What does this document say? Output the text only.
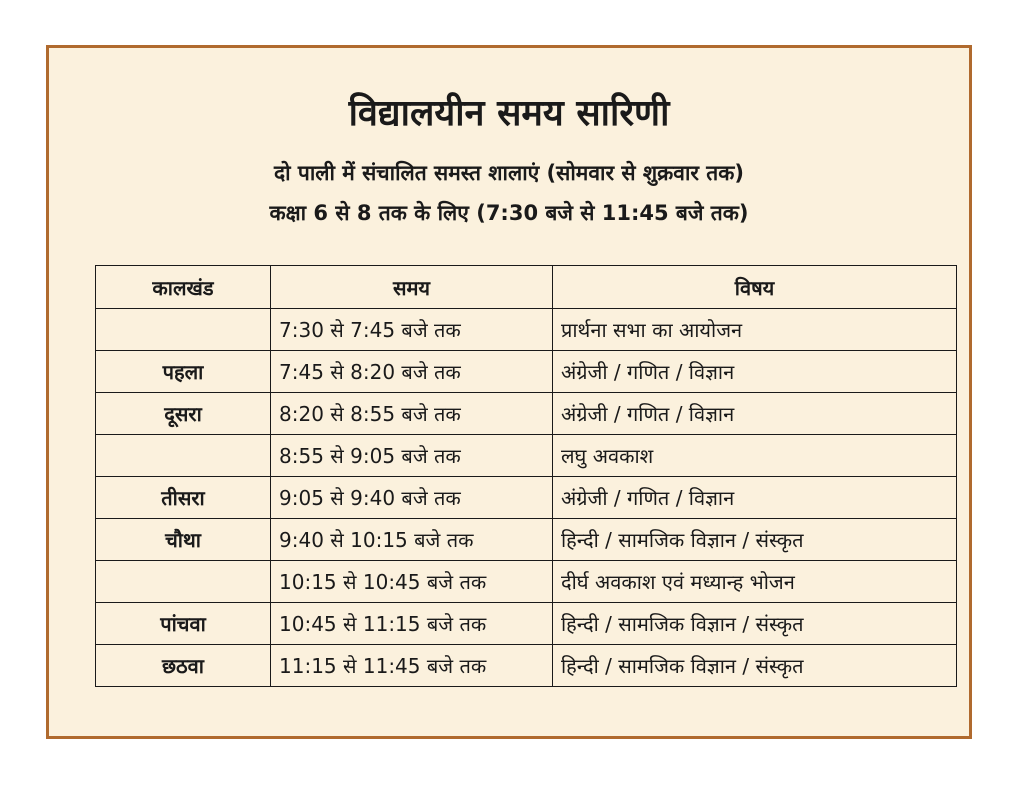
विद्यालयीन समय सारिणी
दो पाली में संचालित समस्त शालाएं (सोमवार से शुक्रवार तक)
कक्षा 6 से 8 तक के लिए (7:30 बजे से 11:45 बजे तक)
कालखंड	समय	विषय
	7:30 से 7:45 बजे तक	प्रार्थना सभा का आयोजन
पहला	7:45 से 8:20 बजे तक	अंग्रेजी / गणित / विज्ञान
दूसरा	8:20 से 8:55 बजे तक	अंग्रेजी / गणित / विज्ञान
	8:55 से 9:05 बजे तक	लघु अवकाश
तीसरा	9:05 से 9:40 बजे तक	अंग्रेजी / गणित / विज्ञान
चौथा	9:40 से 10:15 बजे तक	हिन्दी / सामजिक विज्ञान / संस्कृत
	10:15 से 10:45 बजे तक	दीर्घ अवकाश एवं मध्यान्ह भोजन
पांचवा	10:45 से 11:15 बजे तक	हिन्दी / सामजिक विज्ञान / संस्कृत
छठवा	11:15 से 11:45 बजे तक	हिन्दी / सामजिक विज्ञान / संस्कृत
